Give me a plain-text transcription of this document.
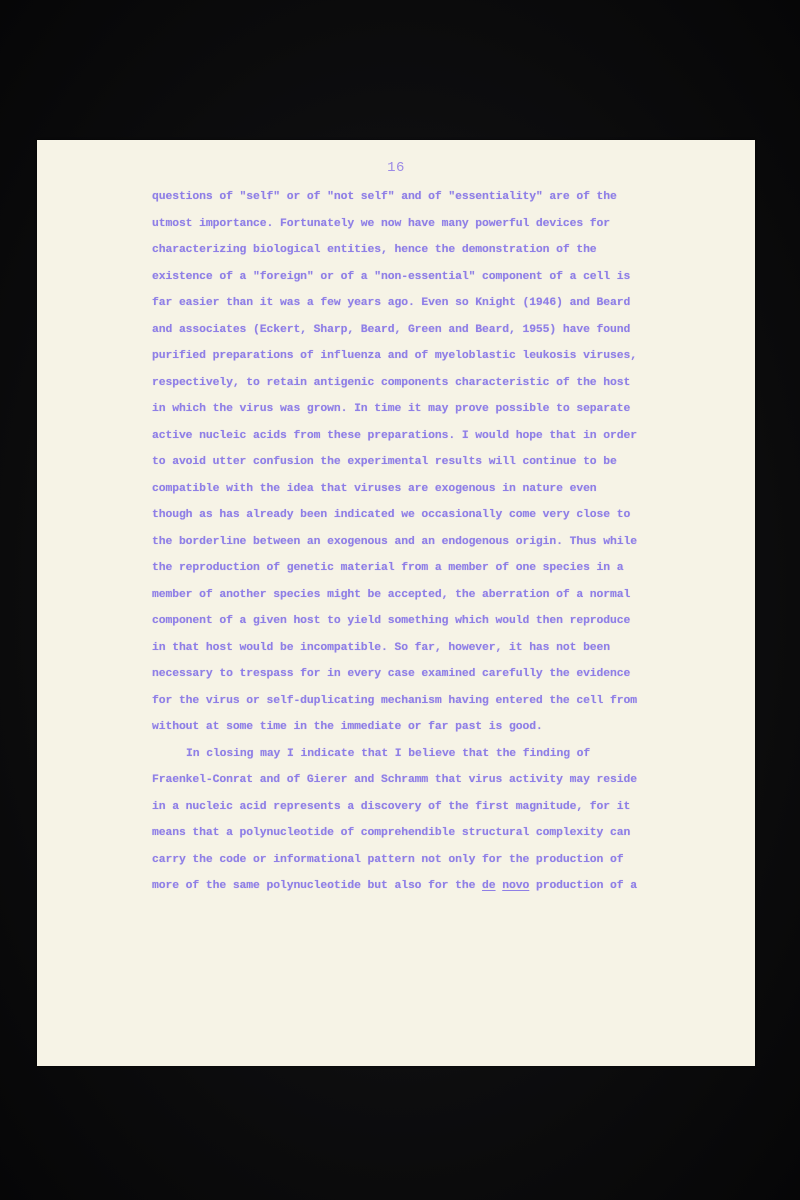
16
questions of "self" or of "not self" and of "essentiality" are of the
utmost importance. Fortunately we now have many powerful devices for
characterizing biological entities, hence the demonstration of the
existence of a "foreign" or of a "non-essential" component of a cell is
far easier than it was a few years ago. Even so Knight (1946) and Beard
and associates (Eckert, Sharp, Beard, Green and Beard, 1955) have found
purified preparations of influenza and of myeloblastic leukosis viruses,
respectively, to retain antigenic components characteristic of the host
in which the virus was grown. In time it may prove possible to separate
active nucleic acids from these preparations. I would hope that in order
to avoid utter confusion the experimental results will continue to be
compatible with the idea that viruses are exogenous in nature even
though as has already been indicated we occasionally come very close to
the borderline between an exogenous and an endogenous origin. Thus while
the reproduction of genetic material from a member of one species in a
member of another species might be accepted, the aberration of a normal
component of a given host to yield something which would then reproduce
in that host would be incompatible. So far, however, it has not been
necessary to trespass for in every case examined carefully the evidence
for the virus or self-duplicating mechanism having entered the cell from
without at some time in the immediate or far past is good.
In closing may I indicate that I believe that the finding of
Fraenkel-Conrat and of Gierer and Schramm that virus activity may reside
in a nucleic acid represents a discovery of the first magnitude, for it
means that a polynucleotide of comprehendible structural complexity can
carry the code or informational pattern not only for the production of
more of the same polynucleotide but also for the de novo production of a
